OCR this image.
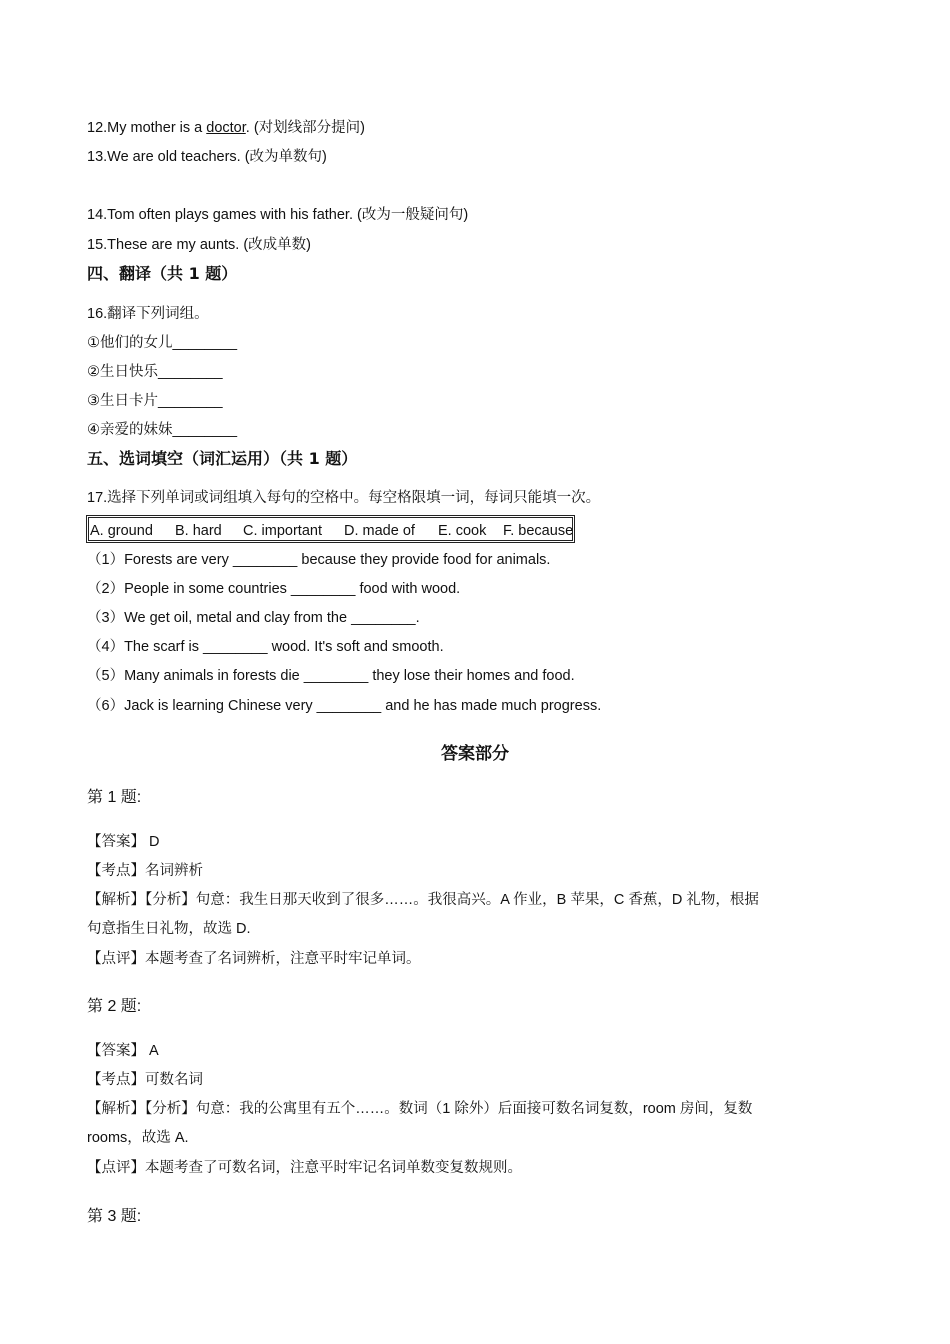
12.My mother is a doctor. (对划线部分提问)
13.We are old teachers. (改为单数句)
14.Tom often plays games with his father. (改为一般疑问句)
15.These are my aunts. (改成单数)
四、翻译（共 1 题）
16.翻译下列词组。
①他们的女儿________
②生日快乐________
③生日卡片________
④亲爱的妹妹________
五、选词填空（词汇运用）（共 1 题）
17.选择下列单词或词组填入每句的空格中。每空格限填一词，每词只能填一次。
A. ground B. hard C. important D. made of E. cook F. because
（1）Forests are very ________ because they provide food for animals.
（2）People in some countries ________ food with wood.
（3）We get oil, metal and clay from the ________.
（4）The scarf is ________ wood. It's soft and smooth.
（5）Many animals in forests die ________ they lose their homes and food.
（6）Jack is learning Chinese very ________ and he has made much progress.
答案部分
第 1 题:
【答案】 D
【考点】名词辨析
【解析】【分析】句意：我生日那天收到了很多……。我很高兴。A 作业，B 苹果，C 香蕉，D 礼物，根据
句意指生日礼物，故选 D.
【点评】本题考查了名词辨析，注意平时牢记单词。
第 2 题:
【答案】 A
【考点】可数名词
【解析】【分析】句意：我的公寓里有五个……。数词（1 除外）后面接可数名词复数，room 房间，复数
rooms，故选 A.
【点评】本题考查了可数名词，注意平时牢记名词单数变复数规则。
第 3 题:
